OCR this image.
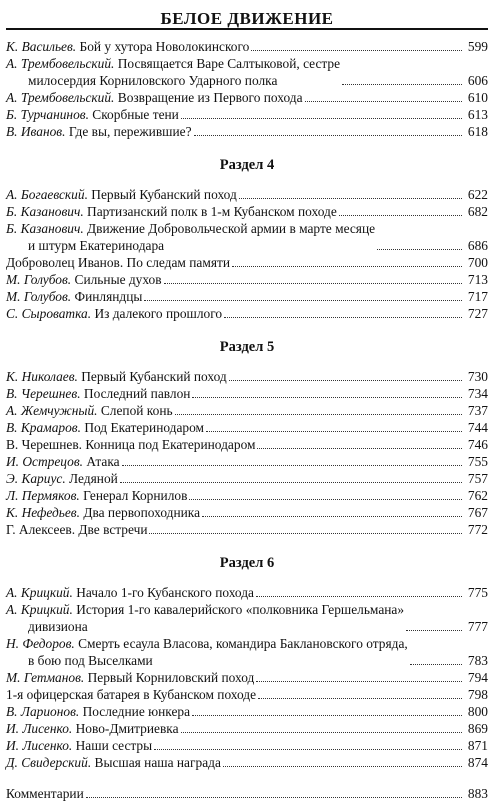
БЕЛОЕ ДВИЖЕНИЕ
К. Васильев. Бой у хутора Новолокинского	599
А. Трембовельский. Посвящается Варе Салтыковой, сестре
милосердия Корниловского Ударного полка	606
А. Трембовельский. Возвращение из Первого похода	610
Б. Турчанинов. Скорбные тени	613
В. Иванов. Где вы, пережившие?	618
Раздел 4
А. Богаевский. Первый Кубанский поход	622
Б. Казанович. Партизанский полк в 1-м Кубанском походе	682
Б. Казанович. Движение Добровольческой армии в марте месяце
и штурм Екатеринодара	686
Доброволец Иванов. По следам памяти	700
М. Голубов. Сильные духов	713
М. Голубов. Финляндцы	717
С. Сыроватка. Из далекого прошлого	727
Раздел 5
К. Николаев. Первый Кубанский поход	730
В. Черешнев. Последний павлон	734
А. Жемчужный. Слепой конь	737
В. Крамаров. Под Екатеринодаром	744
В. Черешнев. Конница под Екатеринодаром	746
И. Острецов. Атака	755
Э. Кариус. Ледяной	757
Л. Пермяков. Генерал Корнилов	762
К. Нефедьев. Два первопоходника	767
Г. Алексеев. Две встречи	772
Раздел 6
А. Крицкий. Начало 1-го Кубанского похода	775
А. Крицкий. История 1-го кавалерийского «полковника Гершельмана»
дивизиона	777
Н. Федоров. Смерть есаула Власова, командира Баклановского отряда,
в бою под Выселками	783
М. Гетманов. Первый Корниловский поход	794
1-я офицерская батарея в Кубанском походе	798
В. Ларионов. Последние юнкера	800
И. Лисенко. Ново-Дмитриевка	869
И. Лисенко. Наши сестры	871
Д. Свидерский. Высшая наша награда	874
Комментарии	883
